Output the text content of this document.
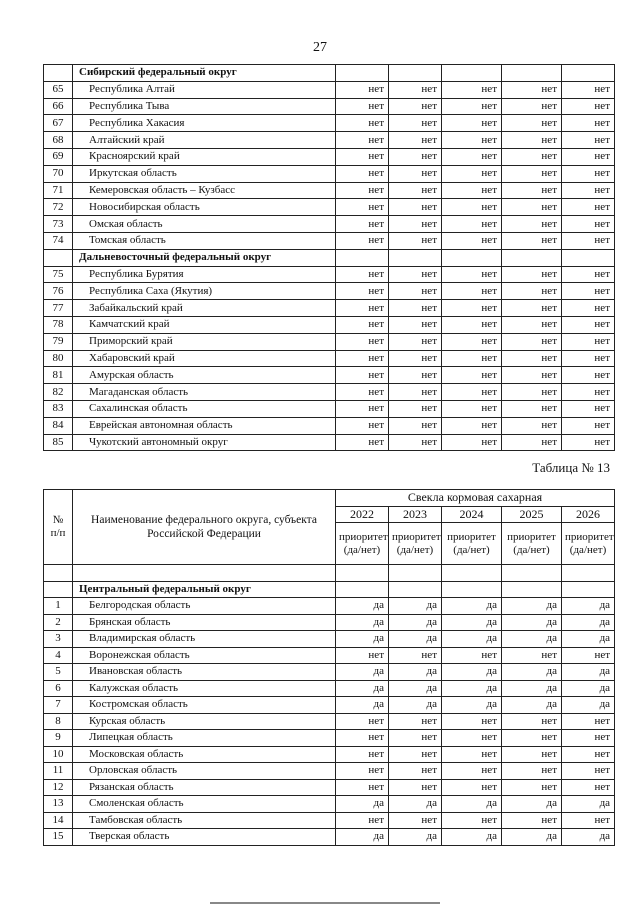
27
	Сибирский федеральный округ					
65	Республика Алтай	нет	нет	нет	нет	нет
66	Республика Тыва	нет	нет	нет	нет	нет
67	Республика Хакасия	нет	нет	нет	нет	нет
68	Алтайский край	нет	нет	нет	нет	нет
69	Красноярский край	нет	нет	нет	нет	нет
70	Иркутская область	нет	нет	нет	нет	нет
71	Кемеровская область – Кузбасс	нет	нет	нет	нет	нет
72	Новосибирская область	нет	нет	нет	нет	нет
73	Омская область	нет	нет	нет	нет	нет
74	Томская область	нет	нет	нет	нет	нет
	Дальневосточный федеральный округ					
75	Республика Бурятия	нет	нет	нет	нет	нет
76	Республика Саха (Якутия)	нет	нет	нет	нет	нет
77	Забайкальский край	нет	нет	нет	нет	нет
78	Камчатский край	нет	нет	нет	нет	нет
79	Приморский край	нет	нет	нет	нет	нет
80	Хабаровский край	нет	нет	нет	нет	нет
81	Амурская область	нет	нет	нет	нет	нет
82	Магаданская область	нет	нет	нет	нет	нет
83	Сахалинская область	нет	нет	нет	нет	нет
84	Еврейская автономная область	нет	нет	нет	нет	нет
85	Чукотский автономный округ	нет	нет	нет	нет	нет
Таблица № 13
№
п/п	Наименование федерального округа, субъекта Российской Федерации	Свекла кормовая сахарная				
		2022	2023	2024	2025	2026
		приоритет (да/нет)	приоритет (да/нет)	приоритет (да/нет)	приоритет (да/нет)	приоритет (да/нет)

	Центральный федеральный округ					
1	Белгородская область	да	да	да	да	да
2	Брянская область	да	да	да	да	да
3	Владимирская область	да	да	да	да	да
4	Воронежская область	нет	нет	нет	нет	нет
5	Ивановская область	да	да	да	да	да
6	Калужская область	да	да	да	да	да
7	Костромская область	да	да	да	да	да
8	Курская область	нет	нет	нет	нет	нет
9	Липецкая область	нет	нет	нет	нет	нет
10	Московская область	нет	нет	нет	нет	нет
11	Орловская область	нет	нет	нет	нет	нет
12	Рязанская область	нет	нет	нет	нет	нет
13	Смоленская область	да	да	да	да	да
14	Тамбовская область	нет	нет	нет	нет	нет
15	Тверская область	да	да	да	да	да
